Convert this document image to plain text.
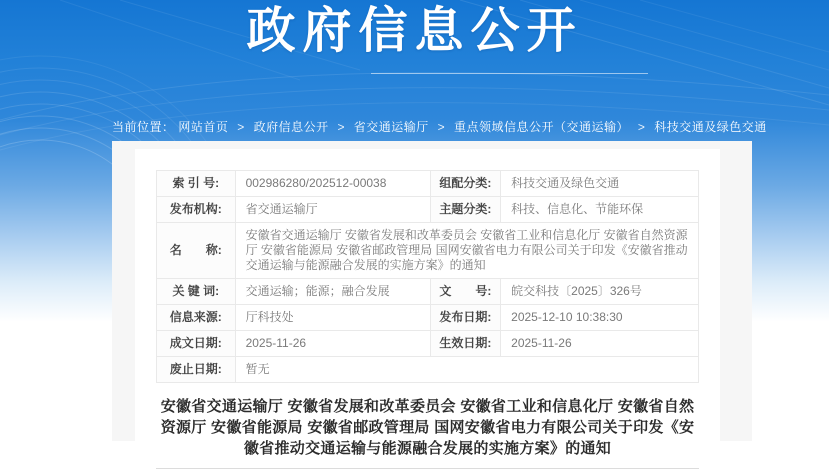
政府信息公开
当前位置： 网站首页 > 政府信息公开 > 省交通运输厅 > 重点领域信息公开（交通运输） > 科技交通及绿色交通
索 引 号:	002986280/202512-00038	组配分类:	科技交通及绿色交通
发布机构:	省交通运输厅	主题分类:	科技、信息化、节能环保
名　　称:	安徽省交通运输厅 安徽省发展和改革委员会 安徽省工业和信息化厅 安徽省自然资源厅 安徽省能源局 安徽省邮政管理局 国网安徽省电力有限公司关于印发《安徽省推动交通运输与能源融合发展的实施方案》的通知		
关 键 词:	交通运输；能源；融合发展	文　　号:	皖交科技〔2025〕326号
信息来源:	厅科技处	发布日期:	2025-12-10 10:38:30
成文日期:	2025-11-26	生效日期:	2025-11-26
废止日期:	暂无		
安徽省交通运输厅 安徽省发展和改革委员会 安徽省工业和信息化厅 安徽省自然资源厅 安徽省能源局 安徽省邮政管理局 国网安徽省电力有限公司关于印发《安徽省推动交通运输与能源融合发展的实施方案》的通知
